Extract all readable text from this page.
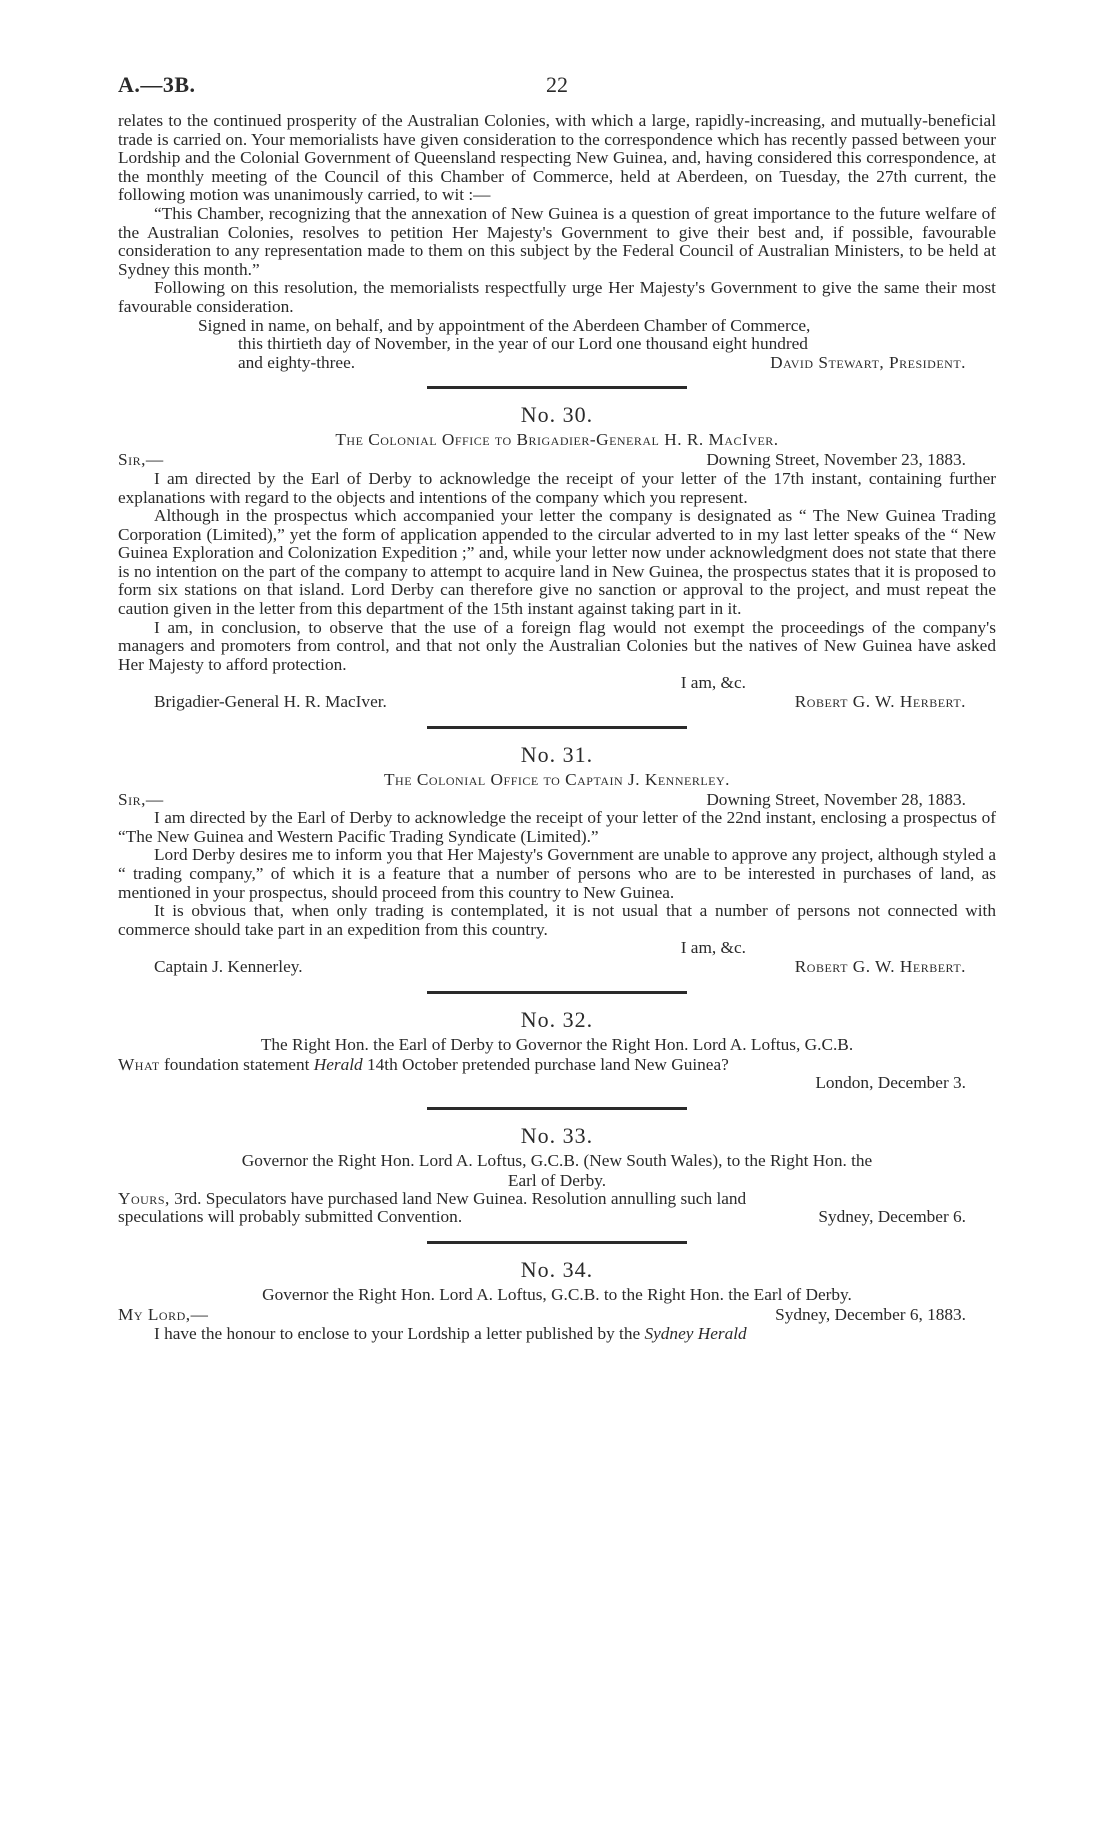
A.—3B.	22

relates to the continued prosperity of the Australian Colonies, with which a large, rapidly-increasing, and mutually-beneficial trade is carried on. Your memorialists have given consideration to the correspondence which has recently passed between your Lordship and the Colonial Government of Queensland respecting New Guinea, and, having considered this correspondence, at the monthly meeting of the Council of this Chamber of Commerce, held at Aberdeen, on Tuesday, the 27th current, the following motion was unanimously carried, to wit :—

“This Chamber, recognizing that the annexation of New Guinea is a question of great importance to the future welfare of the Australian Colonies, resolves to petition Her Majesty's Government to give their best and, if possible, favourable consideration to any representation made to them on this subject by the Federal Council of Australian Ministers, to be held at Sydney this month.”

Following on this resolution, the memorialists respectfully urge Her Majesty's Government to give the same their most favourable consideration.

Signed in name, on behalf, and by appointment of the Aberdeen Chamber of Commerce,

this thirtieth day of November, in the year of our Lord one thousand eight hundred

and eighty-three.	David Stewart, President.
No. 30.
The Colonial Office to Brigadier-General H. R. MacIver.
Sir,—	Downing Street, November 23, 1883.

I am directed by the Earl of Derby to acknowledge the receipt of your letter of the 17th instant, containing further explanations with regard to the objects and intentions of the company which you represent.

Although in the prospectus which accompanied your letter the company is designated as “ The New Guinea Trading Corporation (Limited),” yet the form of application appended to the circular adverted to in my last letter speaks of the “ New Guinea Exploration and Colonization Expedition ;” and, while your letter now under acknowledgment does not state that there is no intention on the part of the company to attempt to acquire land in New Guinea, the prospectus states that it is proposed to form six stations on that island. Lord Derby can therefore give no sanction or approval to the project, and must repeat the caution given in the letter from this department of the 15th instant against taking part in it.

I am, in conclusion, to observe that the use of a foreign flag would not exempt the proceedings of the company's managers and promoters from control, and that not only the Australian Colonies but the natives of New Guinea have asked Her Majesty to afford protection.

I am, &c.
Brigadier-General H. R. MacIver.	Robert G. W. Herbert.
No. 31.
The Colonial Office to Captain J. Kennerley.
Sir,—	Downing Street, November 28, 1883.

I am directed by the Earl of Derby to acknowledge the receipt of your letter of the 22nd instant, enclosing a prospectus of “The New Guinea and Western Pacific Trading Syndicate (Limited).”

Lord Derby desires me to inform you that Her Majesty's Government are unable to approve any project, although styled a “ trading company,” of which it is a feature that a number of persons who are to be interested in purchases of land, as mentioned in your prospectus, should proceed from this country to New Guinea.

It is obvious that, when only trading is contemplated, it is not usual that a number of persons not connected with commerce should take part in an expedition from this country.

I am, &c.
Captain J. Kennerley.	Robert G. W. Herbert.
No. 32.
The Right Hon. the Earl of Derby to Governor the Right Hon. Lord A. Loftus, G.C.B.

What foundation statement Herald 14th October pretended purchase land New Guinea?

London, December 3.
No. 33.
Governor the Right Hon. Lord A. Loftus, G.C.B. (New South Wales), to the Right Hon. the
Earl of Derby.

Yours, 3rd. Speculators have purchased land New Guinea. Resolution annulling such land

speculations will probably submitted Convention.	Sydney, December 6.
No. 34.
Governor the Right Hon. Lord A. Loftus, G.C.B. to the Right Hon. the Earl of Derby.
My Lord,—	Sydney, December 6, 1883.

I have the honour to enclose to your Lordship a letter published by the Sydney Herald
